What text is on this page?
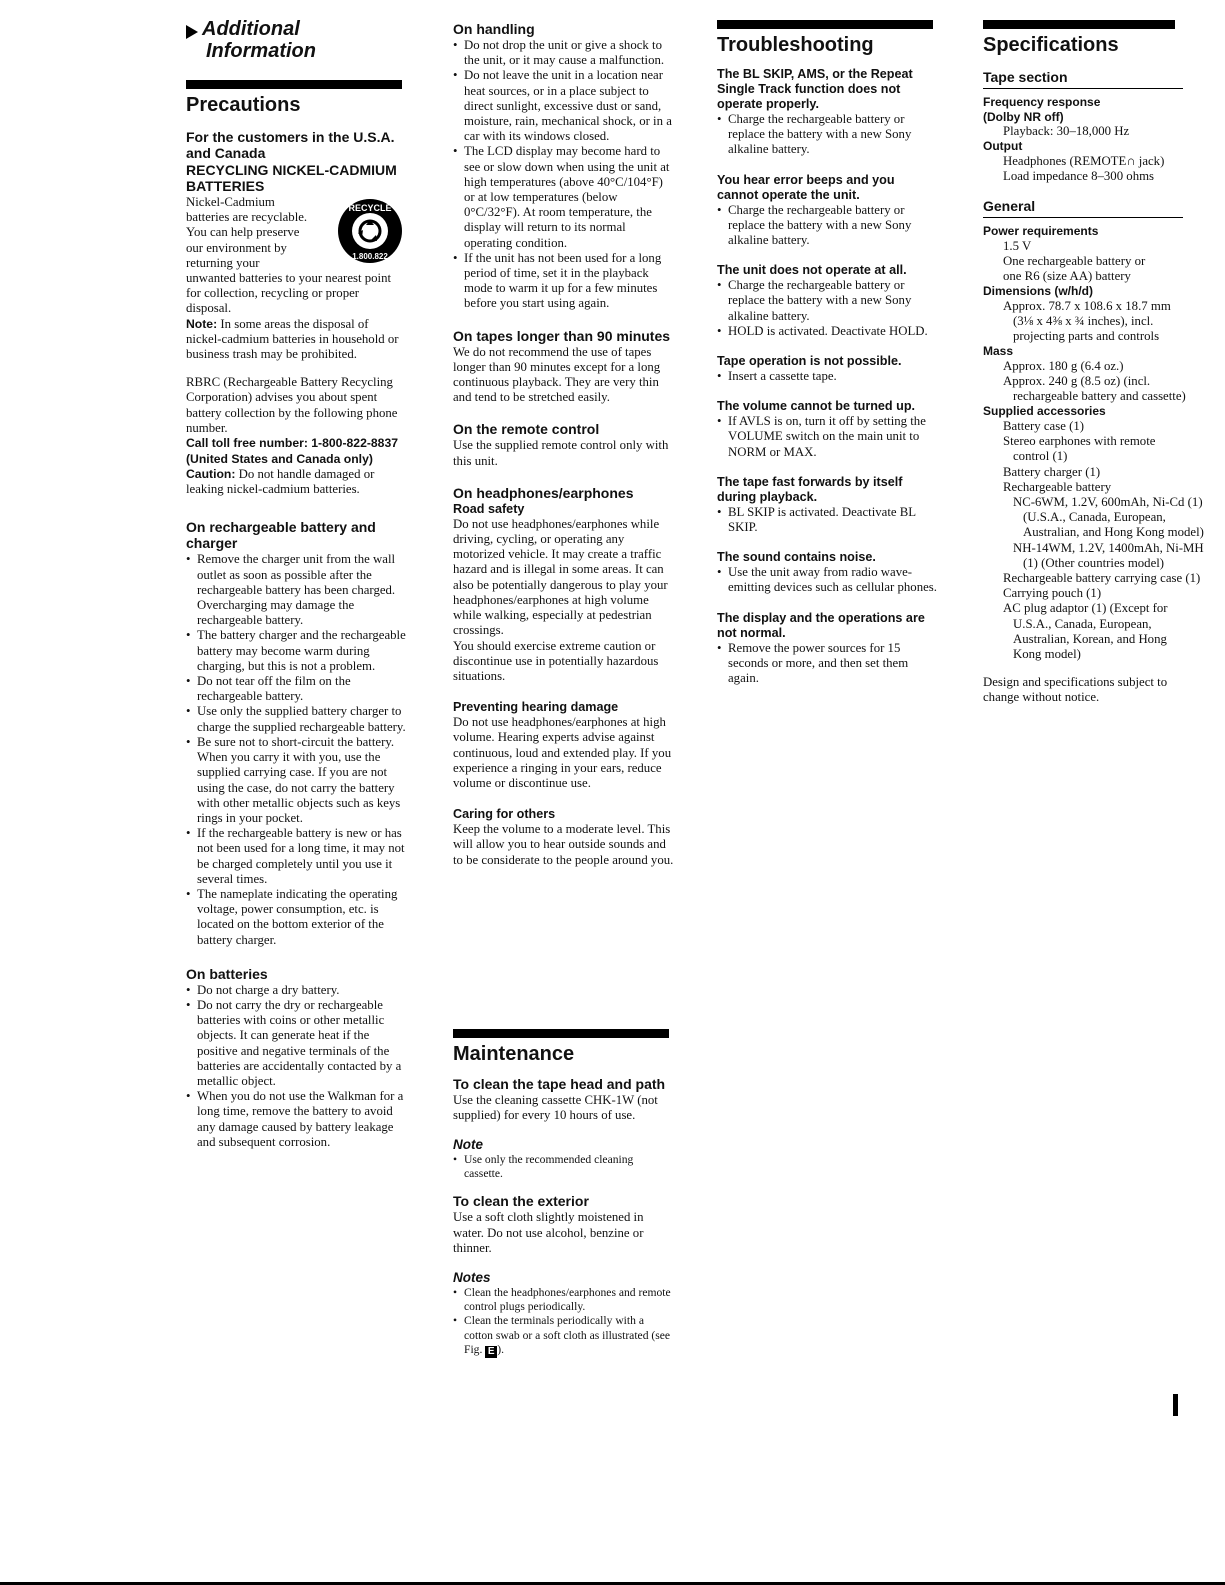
Additional
Information
Precautions
For the customers in the U.S.A. and Canada
RECYCLING NICKEL-CADMIUM BATTERIES
RECYCLE
1.800.822
Nickel-Cadmium
batteries are recyclable.
You can help preserve
our environment by
returning your

unwanted batteries to your nearest point for collection, recycling or proper disposal.

Note: In some areas the disposal of nickel-cadmium batteries in household or business trash may be prohibited.

RBRC (Rechargeable Battery Recycling Corporation) advises you about spent battery collection by the following phone number.

Call toll free number: 1-800-822-8837 (United States and Canada only)

Caution: Do not handle damaged or leaking nickel-cadmium batteries.

On rechargeable battery and charger
• Remove the charger unit from the wall outlet as soon as possible after the rechargeable battery has been charged. Overcharging may damage the rechargeable battery.
• The battery charger and the rechargeable battery may become warm during charging, but this is not a problem.
• Do not tear off the film on the rechargeable battery.
• Use only the supplied battery charger to charge the supplied rechargeable battery.
• Be sure not to short-circuit the battery. When you carry it with you, use the supplied carrying case. If you are not using the case, do not carry the battery with other metallic objects such as keys rings in your pocket.
• If the rechargeable battery is new or has not been used for a long time, it may not be charged completely until you use it several times.
• The nameplate indicating the operating voltage, power consumption, etc. is located on the bottom exterior of the battery charger.
On batteries
• Do not charge a dry battery.
• Do not carry the dry or rechargeable batteries with coins or other metallic objects. It can generate heat if the positive and negative terminals of the batteries are accidentally contacted by a metallic object.
• When you do not use the Walkman for a long time, remove the battery to avoid any damage caused by battery leakage and subsequent corrosion.
On handling
• Do not drop the unit or give a shock to the unit, or it may cause a malfunction.
• Do not leave the unit in a location near heat sources, or in a place subject to direct sunlight, excessive dust or sand, moisture, rain, mechanical shock, or in a car with its windows closed.
• The LCD display may become hard to see or slow down when using the unit at high temperatures (above 40°C/104°F) or at low temperatures (below 0°C/32°F). At room temperature, the display will return to its normal operating condition.
• If the unit has not been used for a long period of time, set it in the playback mode to warm it up for a few minutes before you start using again.
On tapes longer than 90 minutes

We do not recommend the use of tapes longer than 90 minutes except for a long continuous playback. They are very thin and tend to be stretched easily.

On the remote control

Use the supplied remote control only with this unit.

On headphones/earphones
Road safety

Do not use headphones/earphones while driving, cycling, or operating any motorized vehicle. It may create a traffic hazard and is illegal in some areas. It can also be potentially dangerous to play your headphones/earphones at high volume while walking, especially at pedestrian crossings.

You should exercise extreme caution or discontinue use in potentially hazardous situations.

Preventing hearing damage

Do not use headphones/earphones at high volume. Hearing experts advise against continuous, loud and extended play. If you experience a ringing in your ears, reduce volume or discontinue use.

Caring for others

Keep the volume to a moderate level. This will allow you to hear outside sounds and to be considerate to the people around you.

Maintenance
To clean the tape head and path

Use the cleaning cassette CHK-1W (not supplied) for every 10 hours of use.

Note
• Use only the recommended cleaning cassette.
To clean the exterior

Use a soft cloth slightly moistened in water. Do not use alcohol, benzine or thinner.

Notes
• Clean the headphones/earphones and remote control plugs periodically.
• Clean the terminals periodically with a cotton swab or a soft cloth as illustrated (see Fig. E ).
Troubleshooting
The BL SKIP, AMS, or the Repeat Single Track function does not operate properly.
• Charge the rechargeable battery or replace the battery with a new Sony alkaline battery.
You hear error beeps and you cannot operate the unit.
• Charge the rechargeable battery or replace the battery with a new Sony alkaline battery.
The unit does not operate at all.
• Charge the rechargeable battery or replace the battery with a new Sony alkaline battery.
• HOLD is activated. Deactivate HOLD.
Tape operation is not possible.
• Insert a cassette tape.
The volume cannot be turned up.
• If AVLS is on, turn it off by setting the VOLUME switch on the main unit to NORM or MAX.
The tape fast forwards by itself during playback.
• BL SKIP is activated. Deactivate BL SKIP.
The sound contains noise.
• Use the unit away from radio wave-emitting devices such as cellular phones.
The display and the operations are not normal.
• Remove the power sources for 15 seconds or more, and then set them again.
Specifications
Tape section
Frequency response (Dolby NR off)
Playback: 30–18,000 Hz
Output
Headphones (REMOTE∩ jack)
Load impedance 8–300 ohms
General
Power requirements
1.5 V
One rechargeable battery or one R6 (size AA) battery
Dimensions (w/h/d)
Approx. 78.7 x 108.6 x 18.7 mm (3⅛ x 4⅜ x ¾ inches), incl. projecting parts and controls
Mass
Approx. 180 g (6.4 oz.)
Approx. 240 g (8.5 oz) (incl. rechargeable battery and cassette)
Supplied accessories
Battery case (1)
Stereo earphones with remote control (1)
Battery charger (1)
Rechargeable battery
NC-6WM, 1.2V, 600mAh, Ni-Cd (1) (U.S.A., Canada, European, Australian, and Hong Kong model)
NH-14WM, 1.2V, 1400mAh, Ni-MH (1) (Other countries model)
Rechargeable battery carrying case (1)
Carrying pouch (1)
AC plug adaptor (1) (Except for U.S.A., Canada, European, Australian, Korean, and Hong Kong model)

Design and specifications subject to change without notice.
